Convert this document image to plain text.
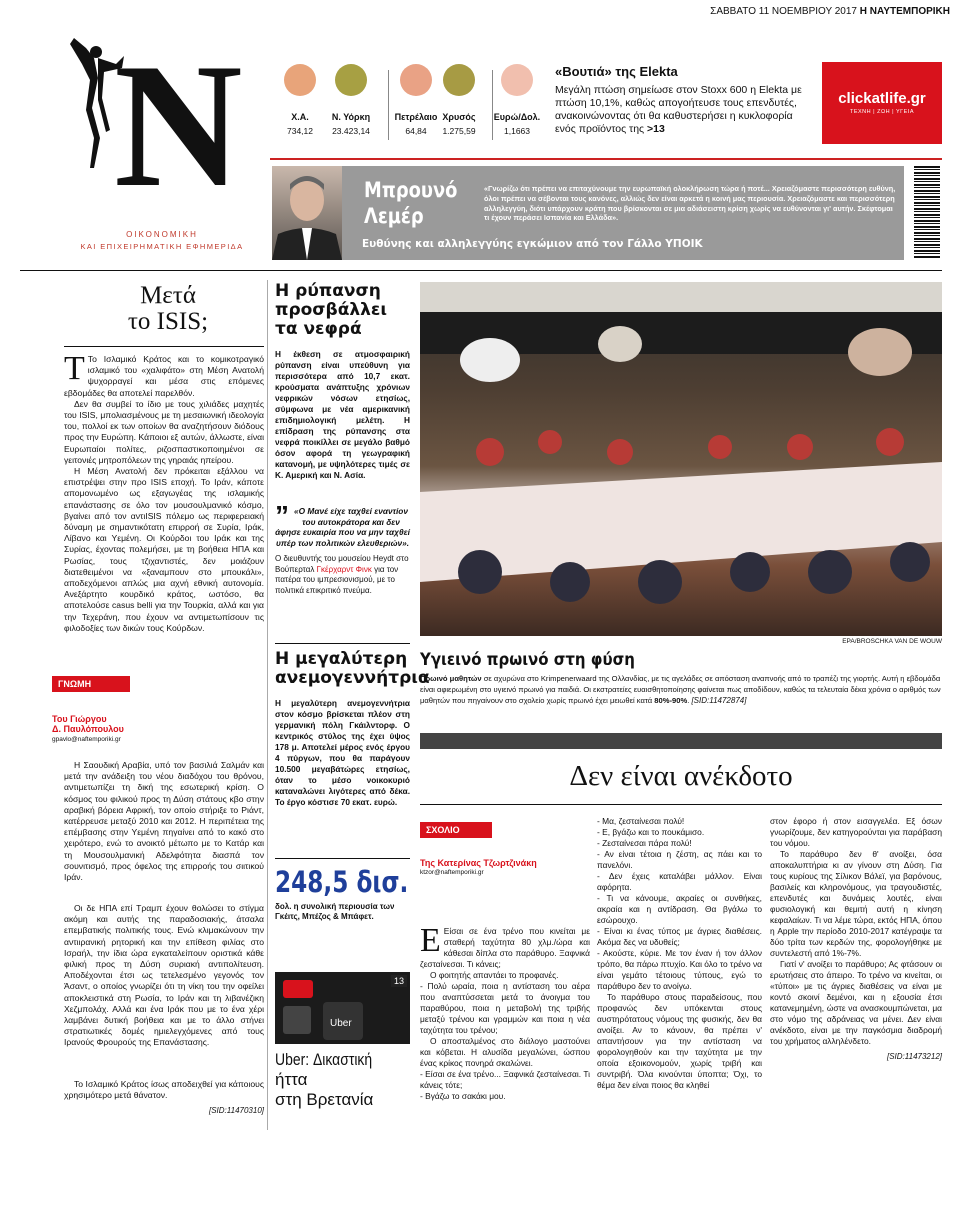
ΣΑΒΒΑΤΟ 11 ΝΟΕΜΒΡΙΟΥ 2017 Η ΝΑΥΤΕΜΠΟΡΙΚΗ
N
ΟΙΚΟΝΟΜΙΚΗ
ΚΑΙ ΕΠΙΧΕΙΡΗΜΑΤΙΚΗ ΕΦΗΜΕΡΙΔΑ
Χ.Α.
734,12
Ν. Υόρκη
23.423,14
Πετρέλαιο
64,84
Χρυσός
1.275,59
Ευρώ/Δολ.
1,1663
«Βουτιά» της Elekta
Μεγάλη πτώση σημείωσε στον Stoxx 600 η Elekta με πτώση 10,1%, καθώς απογοήτευσε τους επενδυτές, ανακοινώνοντας ότι θα καθυστερήσει η κυκλοφορία ενός προϊόντος της >13
clickatlife.gr
ΤΕΧΝΗ | ΖΩΗ | ΥΓΕΙΑ
Μπρουνό
Λεμέρ
«Γνωρίζω ότι πρέπει να επιταχύνουμε την ευρωπαϊκή ολοκλήρωση τώρα ή ποτέ... Χρειαζόμαστε περισσότερη ευθύνη, όλοι πρέπει να σέβονται τους κανόνες, αλλιώς δεν είναι αρκετά η κοινή μας περιουσία. Χρειαζόμαστε και περισσότερη αλληλεγγύη, διότι υπάρχουν κράτη που βρίσκονται σε μια αδιάσειστη κρίση χωρίς να ευθύνονται γι' αυτήν. Σκέφτομαι τι έχουν περάσει Ισπανία και Ελλάδα».
Ευθύνης και αλληλεγγύης εγκώμιον από τον Γάλλο ΥΠΟΙΚ
Μετά
το ISIS;

Τ Το Ισλαμικό Κράτος και το κομικοτραγικό ισλαμικό του «χαλιφάτο» στη Μέση Ανατολή ψυχορραγεί και μέσα στις επόμενες εβδομάδες θα αποτελεί παρελθόν.

Δεν θα συμβεί το ίδιο με τους χιλιάδες μαχητές του ISIS, μπολιασμένους με τη μεσαιωνική ιδεολογία του, πολλοί εκ των οποίων θα αναζητήσουν διόδους προς την Ευρώπη. Κάποιοι εξ αυτών, άλλωστε, είναι Ευρωπαίοι πολίτες, ριζοσπαστικοποιημένοι σε γειτονιές μητροπόλεων της γηραιάς ηπείρου.

Η Μέση Ανατολή δεν πρόκειται εξάλλου να επιστρέψει στην προ ISIS εποχή. Το Ιράν, κάποτε απομονωμένο ως εξαγωγέας της ισλαμικής επανάστασης σε όλο τον μουσουλμανικό κόσμο, βγαίνει από τον αντιISIS πόλεμο ως περιφερειακή δύναμη με σημαντικότατη επιρροή σε Συρία, Ιράκ, Λίβανο και Υεμένη. Οι Κούρδοι του Ιράκ και της Συρίας, έχοντας πολεμήσει, με τη βοήθεια ΗΠΑ και Ρωσίας, τους τζιχαντιστές, δεν μοιάζουν διατεθειμένοι να «ξαναμπουν στο μπουκάλι», αποδεχόμενοι απλώς μια αχνή εθνική αυτονομία. Ανεξάρτητο κουρδικό κράτος, ωστόσο, θα αποτελούσε casus belli για την Τουρκία, αλλά και για την Τεχεράνη, που έχουν να αντιμετωπίσουν τις φιλοδοξίες των δικών τους Κούρδων.

ΓΝΩΜΗ
Του Γιώργου
Δ. Παυλόπουλου
gpavlo@naftemporiki.gr

Η Σαουδική Αραβία, υπό τον βασιλιά Σαλμάν και μετά την ανάδειξη του νέου διαδόχου του θρόνου, αντιμετωπίζει τη δική της εσωτερική κρίση. Ο κόσμος του φιλικού προς τη Δύση στάτους κβο στην αραβική βόρεια Αφρική, τον οποίο στήριξε το Ριάντ, κατέρρευσε μεταξύ 2010 και 2012. Η περιπέτεια της επέμβασης στην Υεμένη πηγαίνει από το κακό στο χειρότερο, ενώ το ανοικτό μέτωπο με το Κατάρ και τη Μουσουλμανική Αδελφότητα διασπά τον σουνιτισμό, προς όφελος της επιρροής του σιιτικού Ιράν.

Οι δε ΗΠΑ επί Τραμπ έχουν θολώσει το στίγμα ακόμη και αυτής της παραδοσιακής, άτσαλα επεμβατικής πολιτικής τους. Ενώ κλιμακώνουν την αντιιρανική ρητορική και την επίθεση φιλίας στο Ισραήλ, την ίδια ώρα εγκαταλείπουν οριστικά κάθε φιλική προς τη Δύση συριακή αντιπολίτευση. Αποδέχονται έτσι ως τετελεσμένο γεγονός τον Άσαντ, ο οποίος γνωρίζει ότι τη νίκη του την οφείλει αποκλειστικά στη Ρωσία, το Ιράν και τη λιβανέζικη Χεζμπολάχ. Αλλά και ένα Ιράκ που με το ένα χέρι λαμβάνει δυτική βοήθεια και με το άλλο στήνει στρατιωτικές δομές ημιελεγχόμενες από τους Ιρανούς Φρουρούς της Επανάστασης.

Το Ισλαμικό Κράτος ίσως αποδειχθεί για κάποιους χρησιμότερο μετά θάνατον.

[SID:11470310]
Η ρύπανση προσβάλλει τα νεφρά
Η έκθεση σε ατμοσφαιρική ρύπανση είναι υπεύθυνη για περισσότερα από 10,7 εκατ. κρούσματα ανάπτυξης χρόνιων νεφρικών νόσων ετησίως, σύμφωνα με νέα αμερικανική επιδημιολογική μελέτη. Η επίδραση της ρύπανσης στα νεφρά ποικίλλει σε μεγάλο βαθμό όσον αφορά τη γεωγραφική κατανομή, με υψηλότερες τιμές σε Κ. Αμερική και Ν. Ασία.
” «Ο Μανέ είχε ταχθεί εναντίον του αυτοκράτορα και δεν άφησε ευκαιρία που να μην ταχθεί υπέρ των πολιτικών ελευθεριών».
Ο διευθυντής του μουσείου Heydt στο Βούπερταλ Γκέρχαρντ Φινκ για τον πατέρα του ιμπρεσιονισμού, με το πολιτικά επικριτικό πνεύμα.
Η μεγαλύτερη ανεμογεννήτρια
Η μεγαλύτερη ανεμογεννήτρια στον κόσμο βρίσκεται πλέον στη γερμανική πόλη Γκάιλντορφ. Ο κεντρικός στύλος της έχει ύψος 178 μ. Αποτελεί μέρος ενός έργου 4 πύργων, που θα παράγουν 10.500 μεγαβάτώρες ετησίως, όταν το μέσο νοικοκυριό καταναλώνει λιγότερες από δέκα. Το έργο κόστισε 70 εκατ. ευρώ.
248,5 δισ.
δολ. η συνολική περιουσία των Γκέιτς, Μπέζος & Μπάφετ.
Uber
13
Uber: Δικαστική
ήττα
στη Βρετανία
EPA/BROSCHKA VAN DE WOUW
Υγιεινό πρωινό στη φύση
Πρωινό μαθητών σε αχυρώνα στο Krimpenerwaard της Ολλανδίας, με τις αγελάδες σε απόσταση αναπνοής από το τραπέζι της γιορτής. Αυτή η εβδομάδα είναι αφιερωμένη στο υγιεινό πρωινό για παιδιά. Οι εκστρατείες ευαισθητοποίησης φαίνεται πως αποδίδουν, καθώς τα τελευταία δέκα χρόνια ο αριθμός των μαθητών που πηγαίνουν στο σχολείο χωρίς πρωινό έχει μειωθεί κατά 80%-90%. [SID:11472874]
Δεν είναι ανέκδοτο
ΣΧΟΛΙΟ
Της Κατερίνας Τζωρτζινάκη
ktzor@naftemporiki.gr

Ε Είσαι σε ένα τρένο που κινείται με σταθερή ταχύτητα 80 χλμ./ώρα και κάθεσαι δίπλα στο παράθυρο. Ξαφνικά ζεσταίνεσαι. Τι κάνεις;

Ο φοιτητής απαντάει το προφανές.

- Πολύ ωραία, ποια η αντίσταση του αέρα που αναπτύσσεται μετά το άνοιγμα του παραθύρου, ποια η μεταβολή της τριβής μεταξύ τρένου και γραμμών και ποια η νέα ταχύτητα του τρένου;

Ο αποσταλμένος στο διάλογο μαστούνει και κόβεται. Η αλυσίδα μεγαλώνει, ώσπου ένας κρίκος πονηρά σκαλώνει.

- Είσαι σε ένα τρένο... Ξαφνικά ζεσταίνεσαι. Τι κάνεις τότε;

- Βγάζω το σακάκι μου.

- Μα, ζεσταίνεσαι πολύ!

- Ε, βγάζω και το πουκάμισο.

- Ζεσταίνεσαι πάρα πολύ!

- Αν είναι τέτοια η ζέστη, ας πάει και το πανελόνι.

- Δεν έχεις καταλάβει μάλλον. Είναι αφόρητα.

- Τι να κάνουμε, ακραίες οι συνθήκες, ακραία και η αντίδραση. Θα βγάλω το εσώρουχο.

- Είναι κι ένας τύπος με άγριες διαθέσεις. Ακόμα δες να υδυθείς;

- Ακούστε, κύριε. Με τον έναν ή τον άλλον τρόπο, θα πάρω πτυχίο. Και όλο το τρένο να είναι γεμάτο τέτοιους τύπους, εγώ το παράθυρο δεν το ανοίγω.

Το παράθυρο στους παραδείσους, που προφανώς δεν υπόκεινται στους αυστηρότατους νόμους της φυσικής, δεν θα ανοίξει. Αν το κάνουν, θα πρέπει ν' απαντήσουν για την αντίσταση να φορολογηθούν και την ταχύτητα με την οποία εξοικονομούν, χωρίς τριβή και συντριβή. Όλα κινούνται ύποπτα; Όχι, το θέμα δεν είναι ποιος θα κληθεί

στον έφορο ή στον εισαγγελέα. Εξ όσων γνωρίζουμε, δεν κατηγορούνται για παράβαση του νόμου.

Το παράθυρο δεν θ' ανοίξει, όσα αποκαλυπτήρια κι αν γίνουν στη Δύση. Για τους κυρίους της Σίλικον Βάλεϊ, για βαρόνους, βασιλείς και κληρονόμους, για τραγουδιστές, επενδυτές και δυνάμεις λουτές, είναι φυσιολογική και θεμιτή αυτή η κίνηση κεφαλαίων. Τι να λέμε τώρα, εκτός ΗΠΑ, όπου η Apple την περίοδο 2010-2017 κατέγραψε τα δύο τρίτα των κερδών της, φορολογήθηκε με συντελεστή από 1%-7%.

Γιατί ν' ανοίξει το παράθυρο; Ας φτάσουν οι ερωτήσεις στο άπειρο. Το τρένο να κινείται, οι «τύποι» με τις άγριες διαθέσεις να είναι με κοντό σκοινί δεμένοι, και η εξουσία έτσι κατανεμημένη, ώστε να ανασκουμπώνεται, μα στο νόμο της αδράνειας να μένει. Δεν είναι ανέκδοτο, είναι με την παγκόσμια διαδρομή του χρήματος αλληλένδετο.

[SID:11473212]
